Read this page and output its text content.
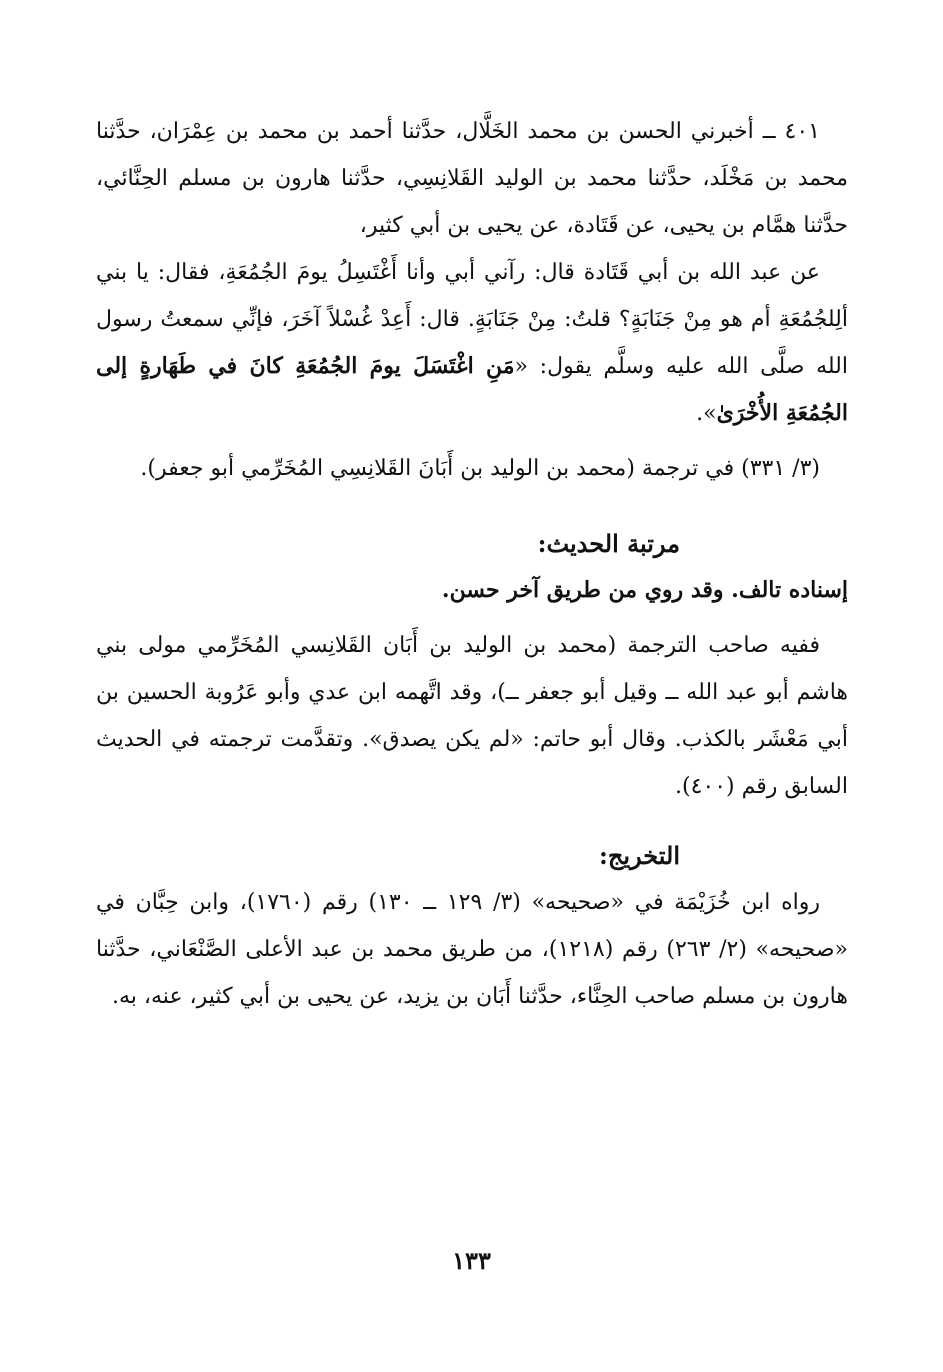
٤٠١ ــ أخبرني الحسن بن محمد الخَلَّال، حدَّثنا أحمد بن محمد بن عِمْرَان، حدَّثنا محمد بن مَخْلَد، حدَّثنا محمد بن الوليد القَلانِسِي، حدَّثنا هارون بن مسلم الحِنَّائي، حدَّثنا همَّام بن يحيى، عن قَتَادة، عن يحيى بن أبي كثير،

عن عبد الله بن أبي قَتَادة قال: رآني أبي وأنا أَغْتَسِلُ يومَ الجُمُعَةِ، فقال: يا بني ألِلجُمُعَةِ أم هو مِنْ جَنَابَةٍ؟ قلتُ: مِنْ جَنَابَةٍ. قال: أَعِدْ غُسْلاً آخَرَ، فإنِّي سمعتُ رسول الله صلَّى الله عليه وسلَّم يقول: «مَنِ اغْتَسَلَ يومَ الجُمُعَةِ كانَ في طَهَارةٍ إلى الجُمُعَةِ الأُخْرَىٰ».

(٣/ ٣٣١) في ترجمة (محمد بن الوليد بن أَبَانَ القَلانِسِي المُخَرِّمي أبو جعفر).

مرتبة الحديث:

إسناده تالف. وقد روي من طريق آخر حسن.

ففيه صاحب الترجمة (محمد بن الوليد بن أَبَان القَلانِسي المُخَرِّمي مولى بني هاشم أبو عبد الله ــ وقيل أبو جعفر ــ)، وقد اتَّهمه ابن عدي وأبو عَرُوبة الحسين بن أبي مَعْشَر بالكذب. وقال أبو حاتم: «لم يكن يصدق». وتقدَّمت ترجمته في الحديث السابق رقم (٤٠٠).

التخريج:

رواه ابن خُزَيْمَة في «صحيحه» (٣/ ١٢٩ ــ ١٣٠) رقم (١٧٦٠)، وابن حِبَّان في «صحيحه» (٢/ ٢٦٣) رقم (١٢١٨)، من طريق محمد بن عبد الأعلى الصَّنْعَاني، حدَّثنا هارون بن مسلم صاحب الحِنَّاء، حدَّثنا أَبَان بن يزيد، عن يحيى بن أبي كثير، عنه، به.

١٣٣
